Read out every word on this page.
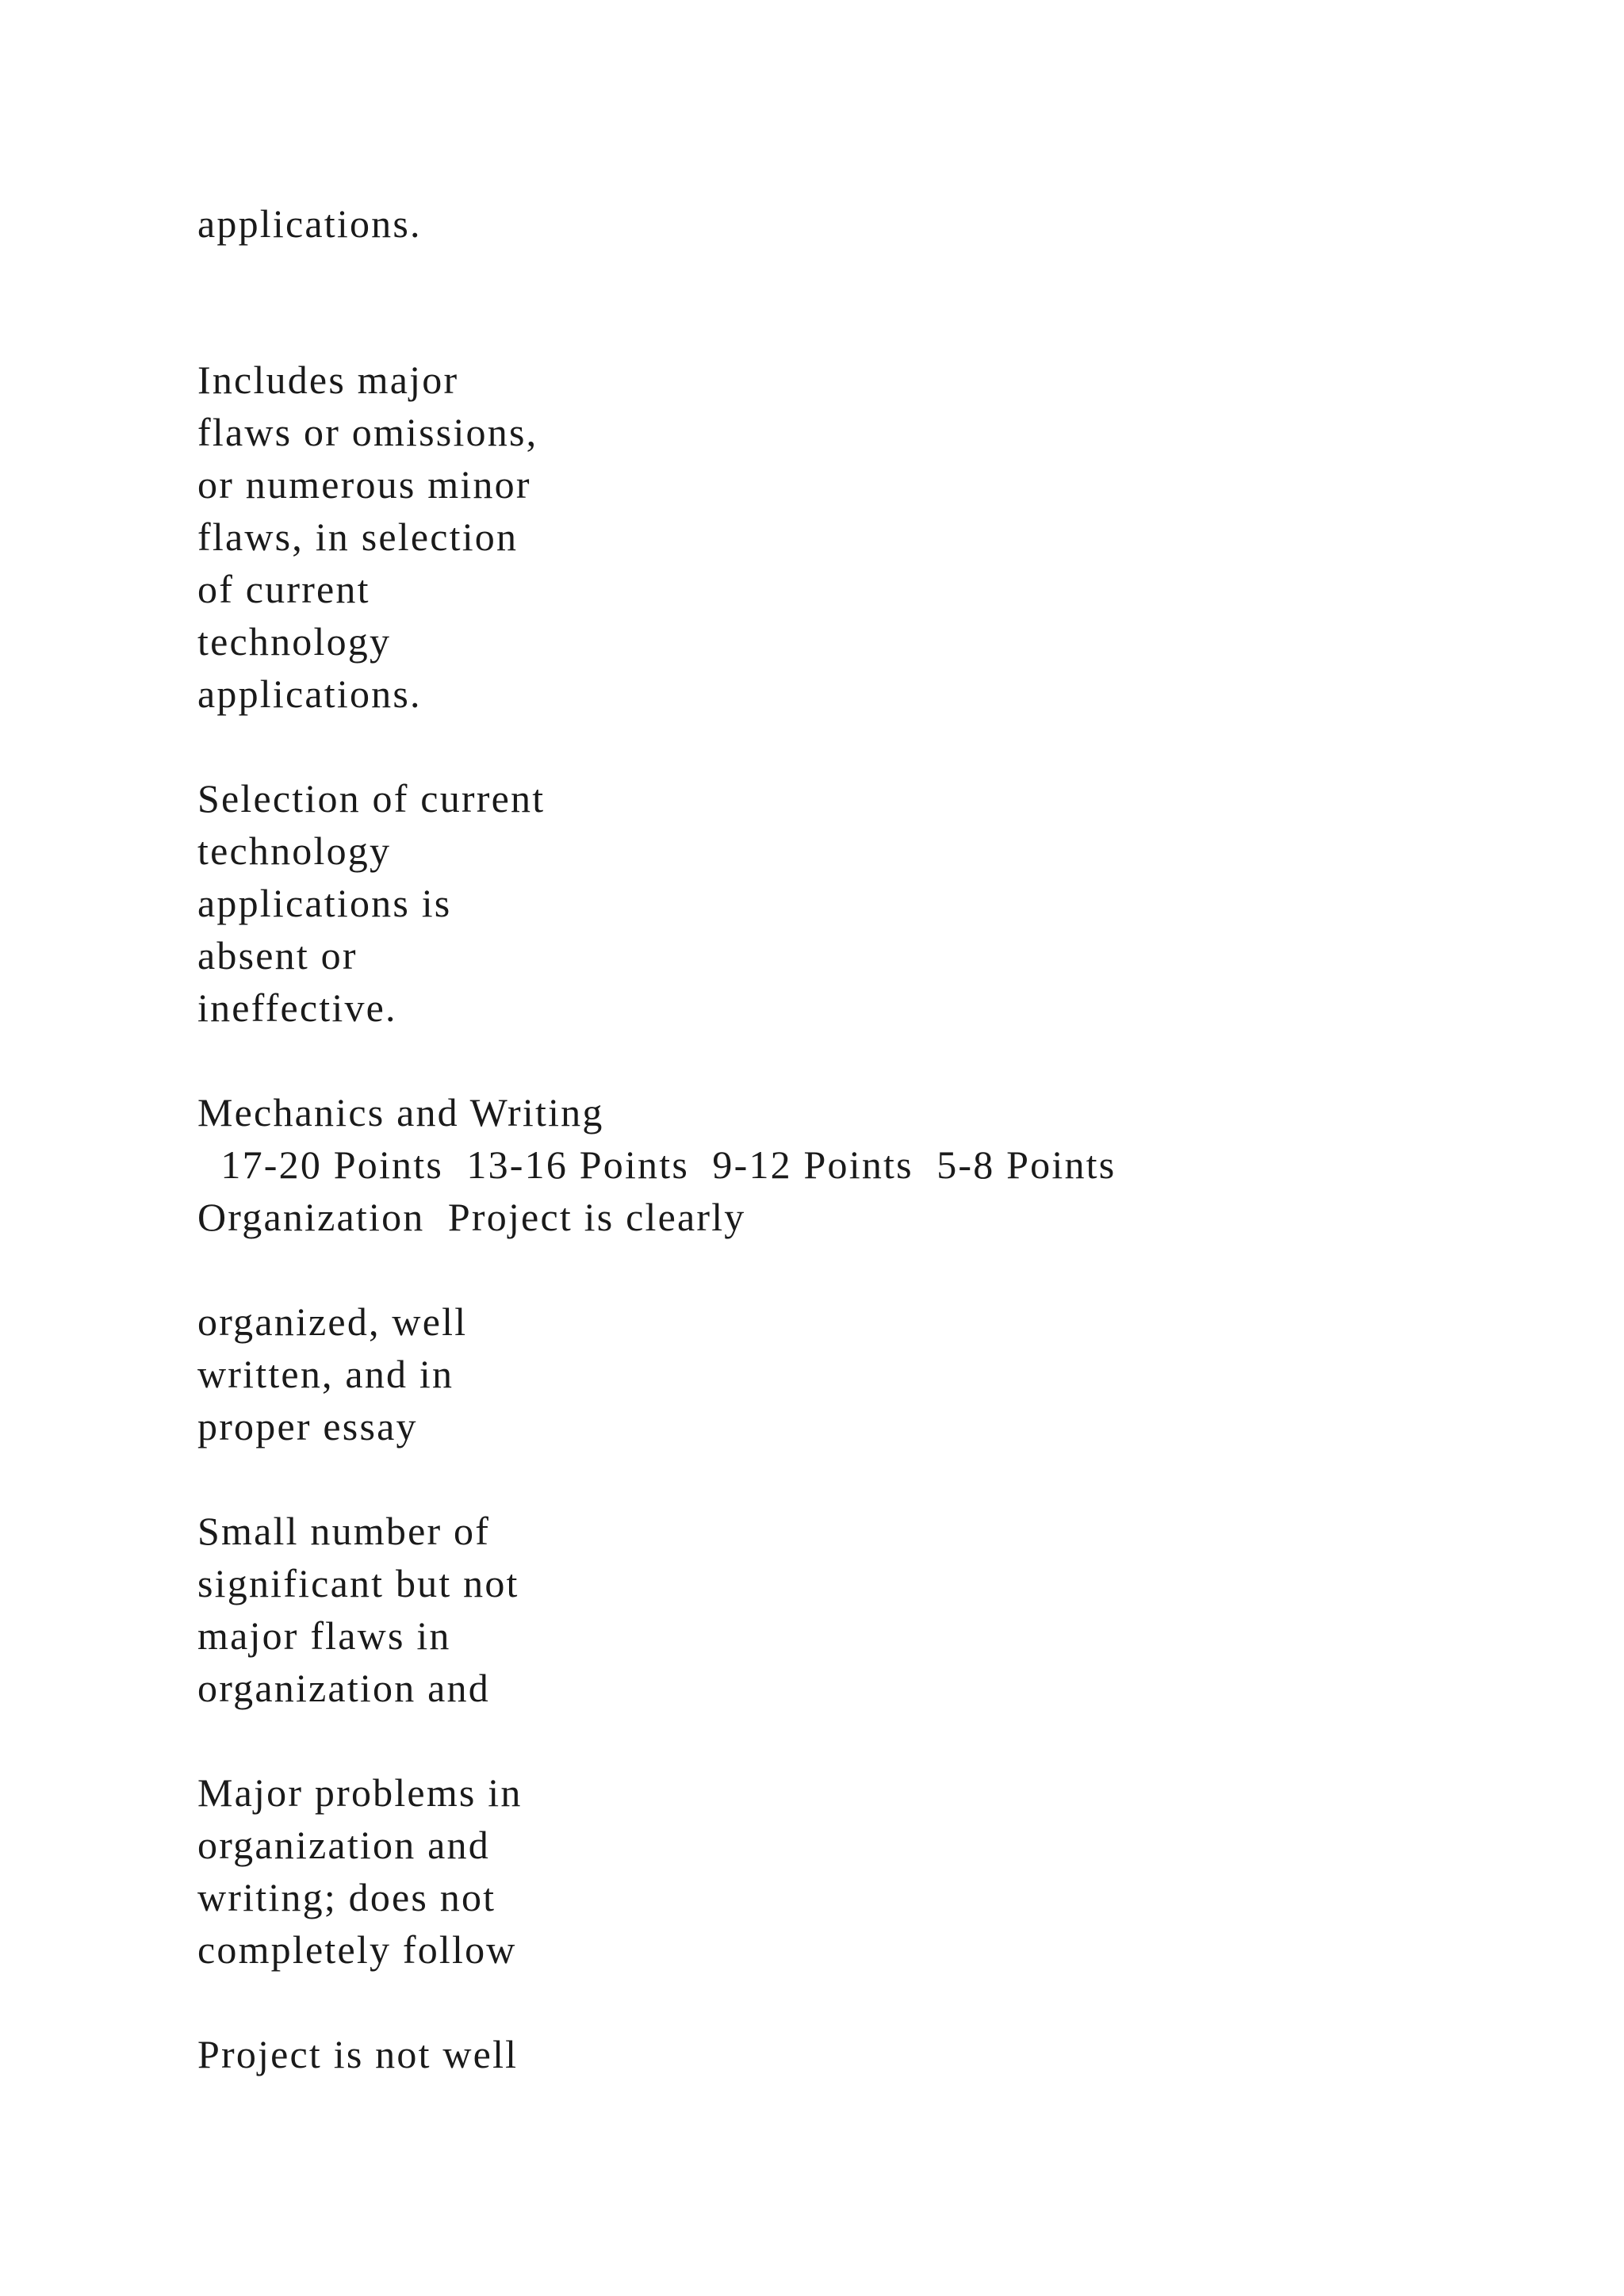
applications.

Includes major

flaws or omissions,

or numerous minor

flaws, in selection

of current

technology

applications.

Selection of current

technology

applications is

absent or

ineffective.

Mechanics and Writing

17-20 Points  13-16 Points  9-12 Points  5-8 Points

Organization  Project is clearly

organized, well

written, and in

proper essay

Small number of

significant but not

major flaws in

organization and

Major problems in

organization and

writing; does not

completely follow

Project is not well
